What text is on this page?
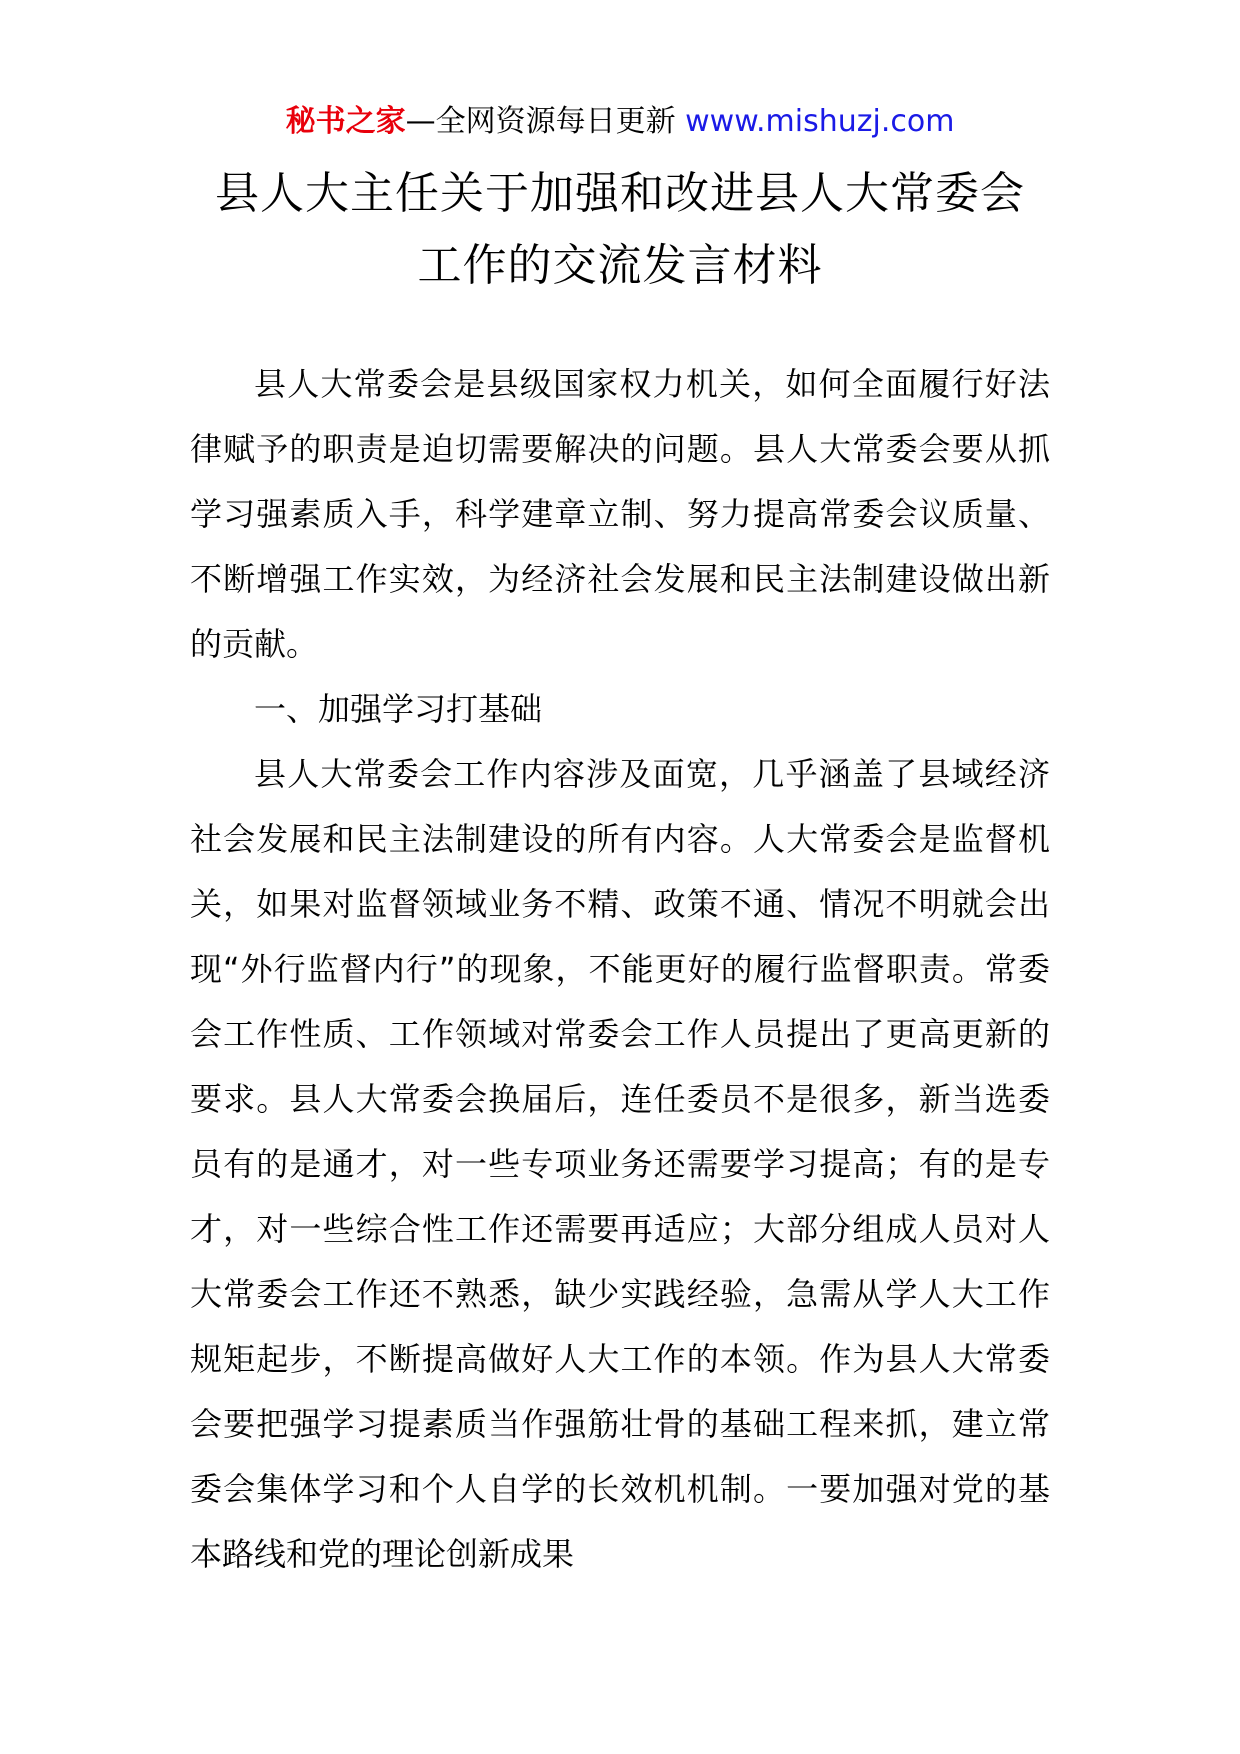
秘书之家—全网资源每日更新 www.mishuzj.com
县人大主任关于加强和改进县人大常委会
工作的交流发言材料

县人大常委会是县级国家权力机关，如何全面履行好法律赋予的职责是迫切需要解决的问题。县人大常委会要从抓学习强素质入手，科学建章立制、努力提高常委会议质量、不断增强工作实效，为经济社会发展和民主法制建设做出新的贡献。

一、加强学习打基础

县人大常委会工作内容涉及面宽，几乎涵盖了县域经济社会发展和民主法制建设的所有内容。人大常委会是监督机关，如果对监督领域业务不精、政策不通、情况不明就会出现“外行监督内行”的现象，不能更好的履行监督职责。常委会工作性质、工作领域对常委会工作人员提出了更高更新的要求。县人大常委会换届后，连任委员不是很多，新当选委员有的是通才，对一些专项业务还需要学习提高；有的是专才，对一些综合性工作还需要再适应；大部分组成人员对人大常委会工作还不熟悉，缺少实践经验，急需从学人大工作规矩起步，不断提高做好人大工作的本领。作为县人大常委会要把强学习提素质当作强筋壮骨的基础工程来抓，建立常委会集体学习和个人自学的长效机机制。一要加强对党的基本路线和党的理论创新成果
